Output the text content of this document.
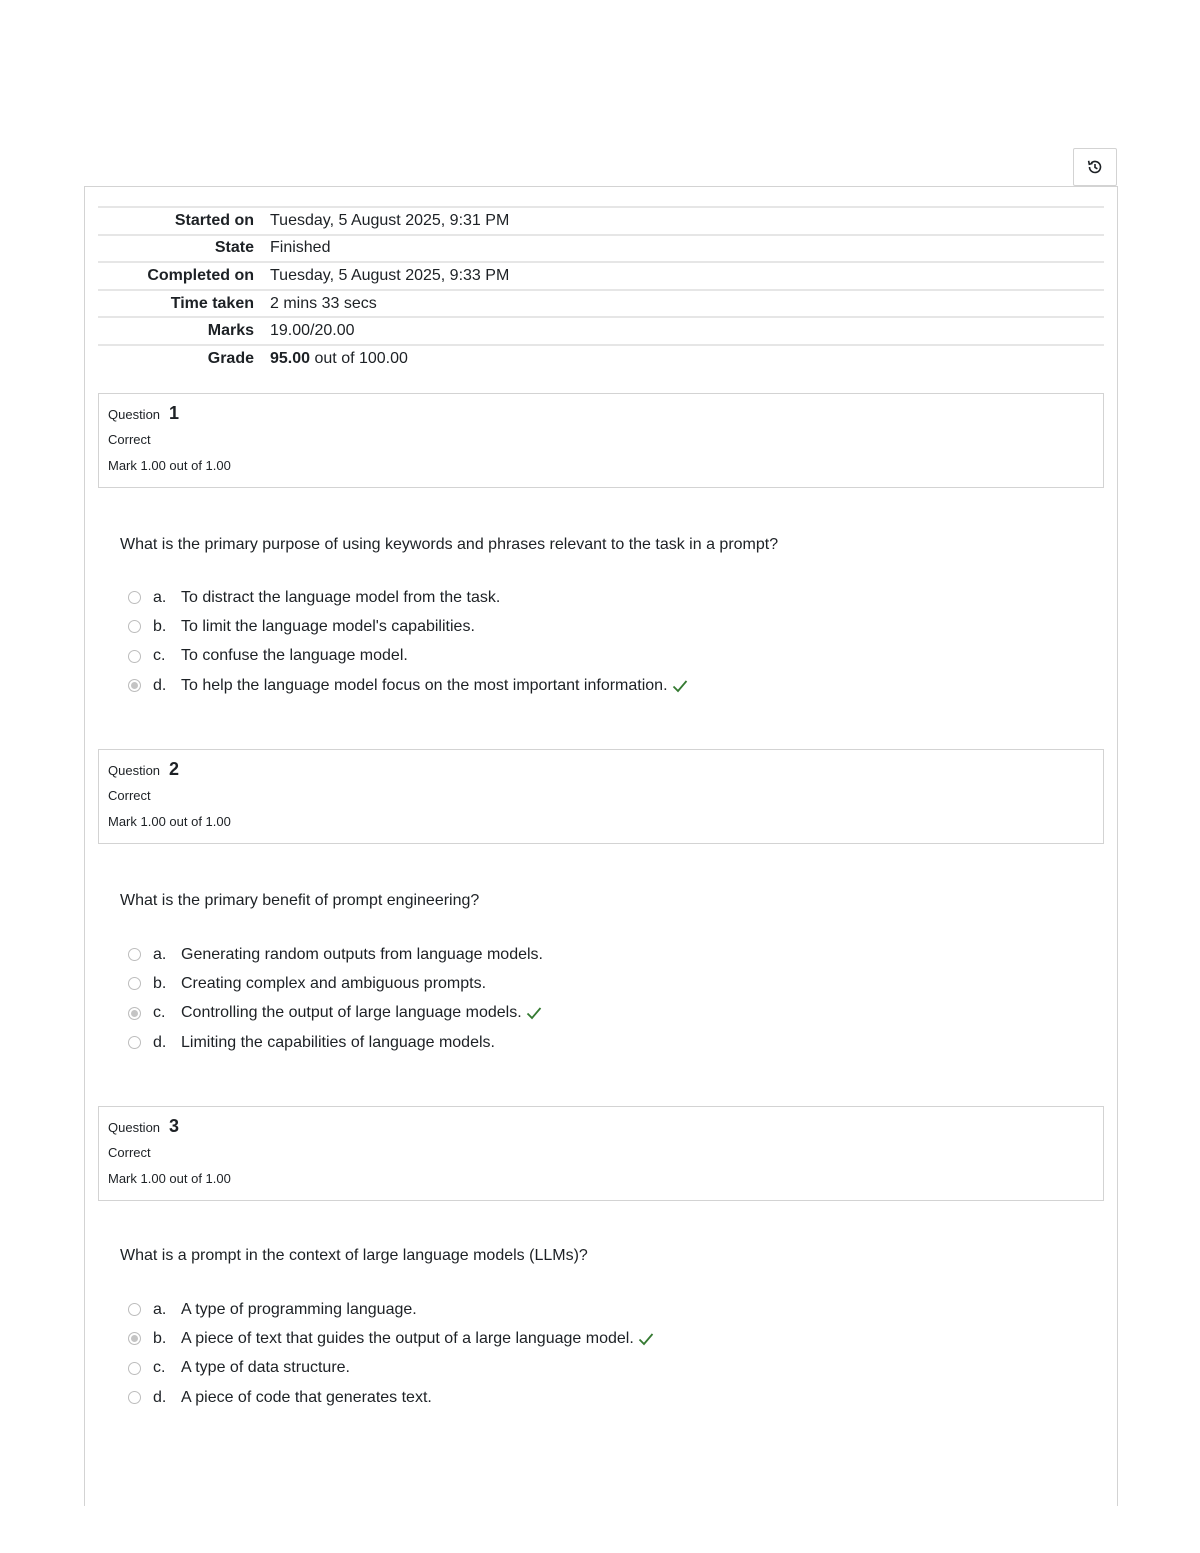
Started on	Tuesday, 5 August 2025, 9:31 PM
State	Finished
Completed on	Tuesday, 5 August 2025, 9:33 PM
Time taken	2 mins 33 secs
Marks	19.00/20.00
Grade	95.00 out of 100.00
Question 1
Correct
Mark 1.00 out of 1.00
What is the primary purpose of using keywords and phrases relevant to the task in a prompt?
a. To distract the language model from the task.
b. To limit the language model's capabilities.
c. To confuse the language model.
d. To help the language model focus on the most important information.
Question 2
Correct
Mark 1.00 out of 1.00
What is the primary benefit of prompt engineering?
a. Generating random outputs from language models.
b. Creating complex and ambiguous prompts.
c. Controlling the output of large language models.
d. Limiting the capabilities of language models.
Question 3
Correct
Mark 1.00 out of 1.00
What is a prompt in the context of large language models (LLMs)?
a. A type of programming language.
b. A piece of text that guides the output of a large language model.
c. A type of data structure.
d. A piece of code that generates text.
